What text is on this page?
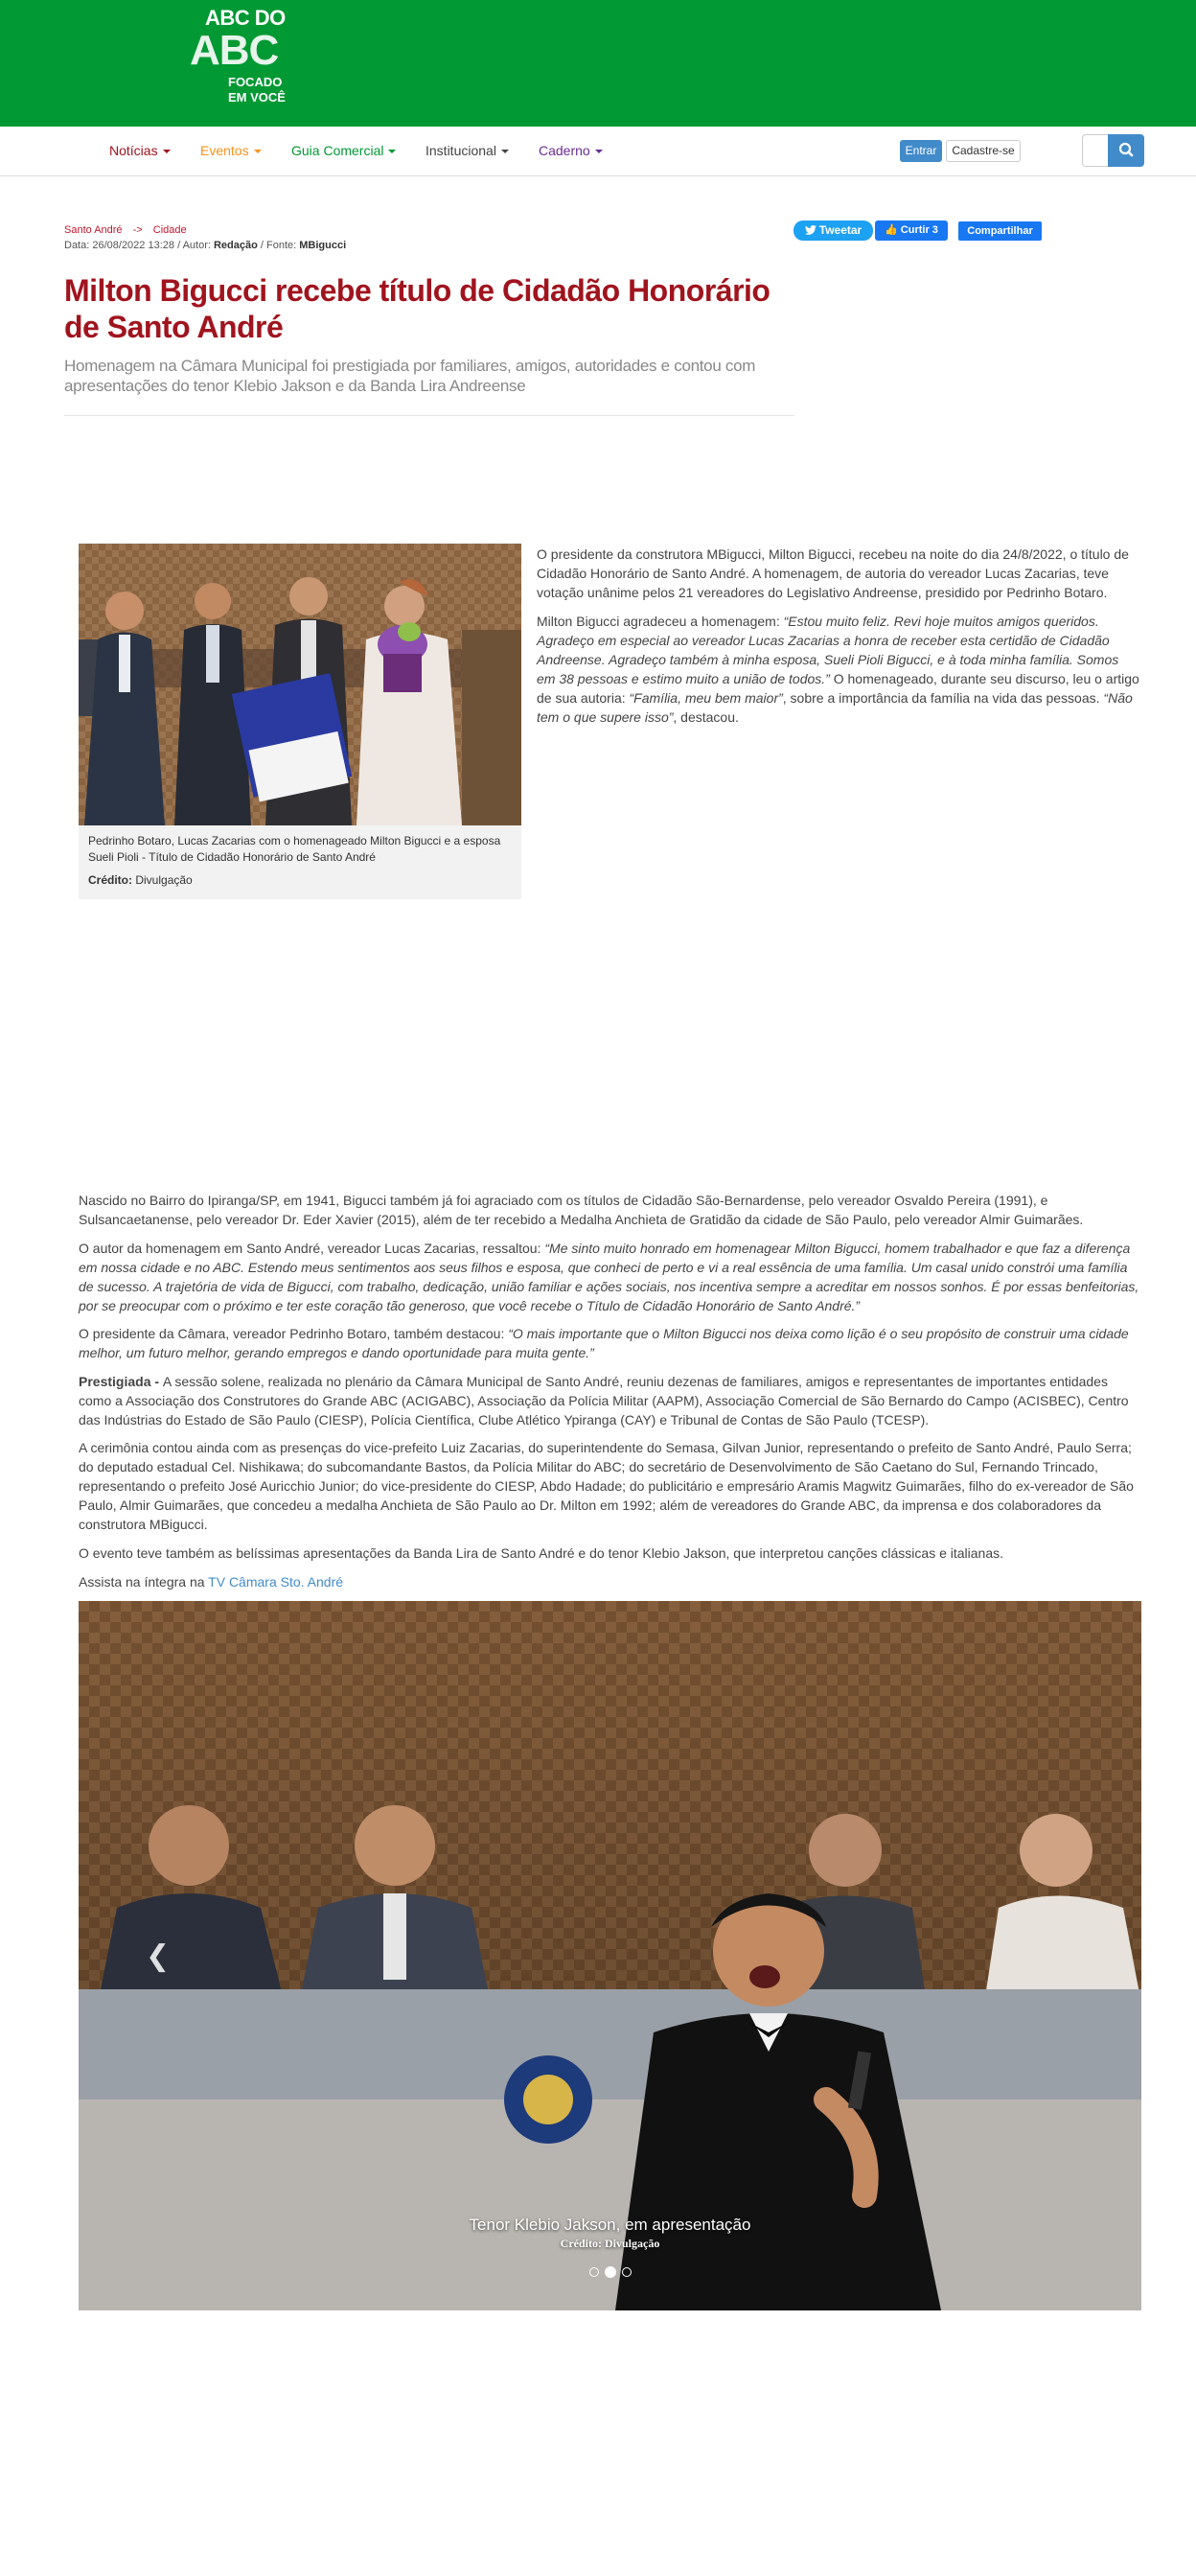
ABC DO
ABC
FOCADO
EM VOCÊ
Notícias	Eventos	Guia Comercial	Institucional	Caderno	Entrar	Cadastre-se
Santo André -> Cidade
Data: 26/08/2022 13:28 / Autor: Redação / Fonte: MBigucci
Tweetar	👍 Curtir 3	Compartilhar
Milton Bigucci recebe título de Cidadão Honorário de Santo André
Homenagem na Câmara Municipal foi prestigiada por familiares, amigos, autoridades e contou com apresentações do tenor Klebio Jakson e da Banda Lira Andreense
Pedrinho Botaro, Lucas Zacarias com o homenageado Milton Bigucci e a esposa Sueli Pioli - Título de Cidadão Honorário de Santo André
Crédito: Divulgação

O presidente da construtora MBigucci, Milton Bigucci, recebeu na noite do dia 24/8/2022, o título de Cidadão Honorário de Santo André. A homenagem, de autoria do vereador Lucas Zacarias, teve votação unânime pelos 21 vereadores do Legislativo Andreense, presidido por Pedrinho Botaro.

Milton Bigucci agradeceu a homenagem: “Estou muito feliz. Revi hoje muitos amigos queridos. Agradeço em especial ao vereador Lucas Zacarias a honra de receber esta certidão de Cidadão Andreense. Agradeço também à minha esposa, Sueli Pioli Bigucci, e à toda minha família. Somos em 38 pessoas e estimo muito a união de todos.” O homenageado, durante seu discurso, leu o artigo de sua autoria: “Família, meu bem maior”, sobre a importância da família na vida das pessoas. “Não tem o que supere isso”, destacou.

Nascido no Bairro do Ipiranga/SP, em 1941, Bigucci também já foi agraciado com os títulos de Cidadão São-Bernardense, pelo vereador Osvaldo Pereira (1991), e Sulsancaetanense, pelo vereador Dr. Eder Xavier (2015), além de ter recebido a Medalha Anchieta de Gratidão da cidade de São Paulo, pelo vereador Almir Guimarães.

O autor da homenagem em Santo André, vereador Lucas Zacarias, ressaltou: “Me sinto muito honrado em homenagear Milton Bigucci, homem trabalhador e que faz a diferença em nossa cidade e no ABC. Estendo meus sentimentos aos seus filhos e esposa, que conheci de perto e vi a real essência de uma família. Um casal unido constrói uma família de sucesso. A trajetória de vida de Bigucci, com trabalho, dedicação, união familiar e ações sociais, nos incentiva sempre a acreditar em nossos sonhos. É por essas benfeitorias, por se preocupar com o próximo e ter este coração tão generoso, que você recebe o Título de Cidadão Honorário de Santo André.”

O presidente da Câmara, vereador Pedrinho Botaro, também destacou: “O mais importante que o Milton Bigucci nos deixa como lição é o seu propósito de construir uma cidade melhor, um futuro melhor, gerando empregos e dando oportunidade para muita gente.”

Prestigiada - A sessão solene, realizada no plenário da Câmara Municipal de Santo André, reuniu dezenas de familiares, amigos e representantes de importantes entidades como a Associação dos Construtores do Grande ABC (ACIGABC), Associação da Polícia Militar (AAPM), Associação Comercial de São Bernardo do Campo (ACISBEC), Centro das Indústrias do Estado de São Paulo (CIESP), Polícia Científica, Clube Atlético Ypiranga (CAY) e Tribunal de Contas de São Paulo (TCESP).

A cerimônia contou ainda com as presenças do vice-prefeito Luiz Zacarias, do superintendente do Semasa, Gilvan Junior, representando o prefeito de Santo André, Paulo Serra; do deputado estadual Cel. Nishikawa; do subcomandante Bastos, da Polícia Militar do ABC; do secretário de Desenvolvimento de São Caetano do Sul, Fernando Trincado, representando o prefeito José Auricchio Junior; do vice-presidente do CIESP, Abdo Hadade; do publicitário e empresário Aramis Magwitz Guimarães, filho do ex-vereador de São Paulo, Almir Guimarães, que concedeu a medalha Anchieta de São Paulo ao Dr. Milton em 1992; além de vereadores do Grande ABC, da imprensa e dos colaboradores da construtora MBigucci.

O evento teve também as belíssimas apresentações da Banda Lira de Santo André e do tenor Klebio Jakson, que interpretou canções clássicas e italianas.

Assista na íntegra na TV Câmara Sto. André

❮
Tenor Klebio Jakson, em apresentação
Crédito: Divulgação
